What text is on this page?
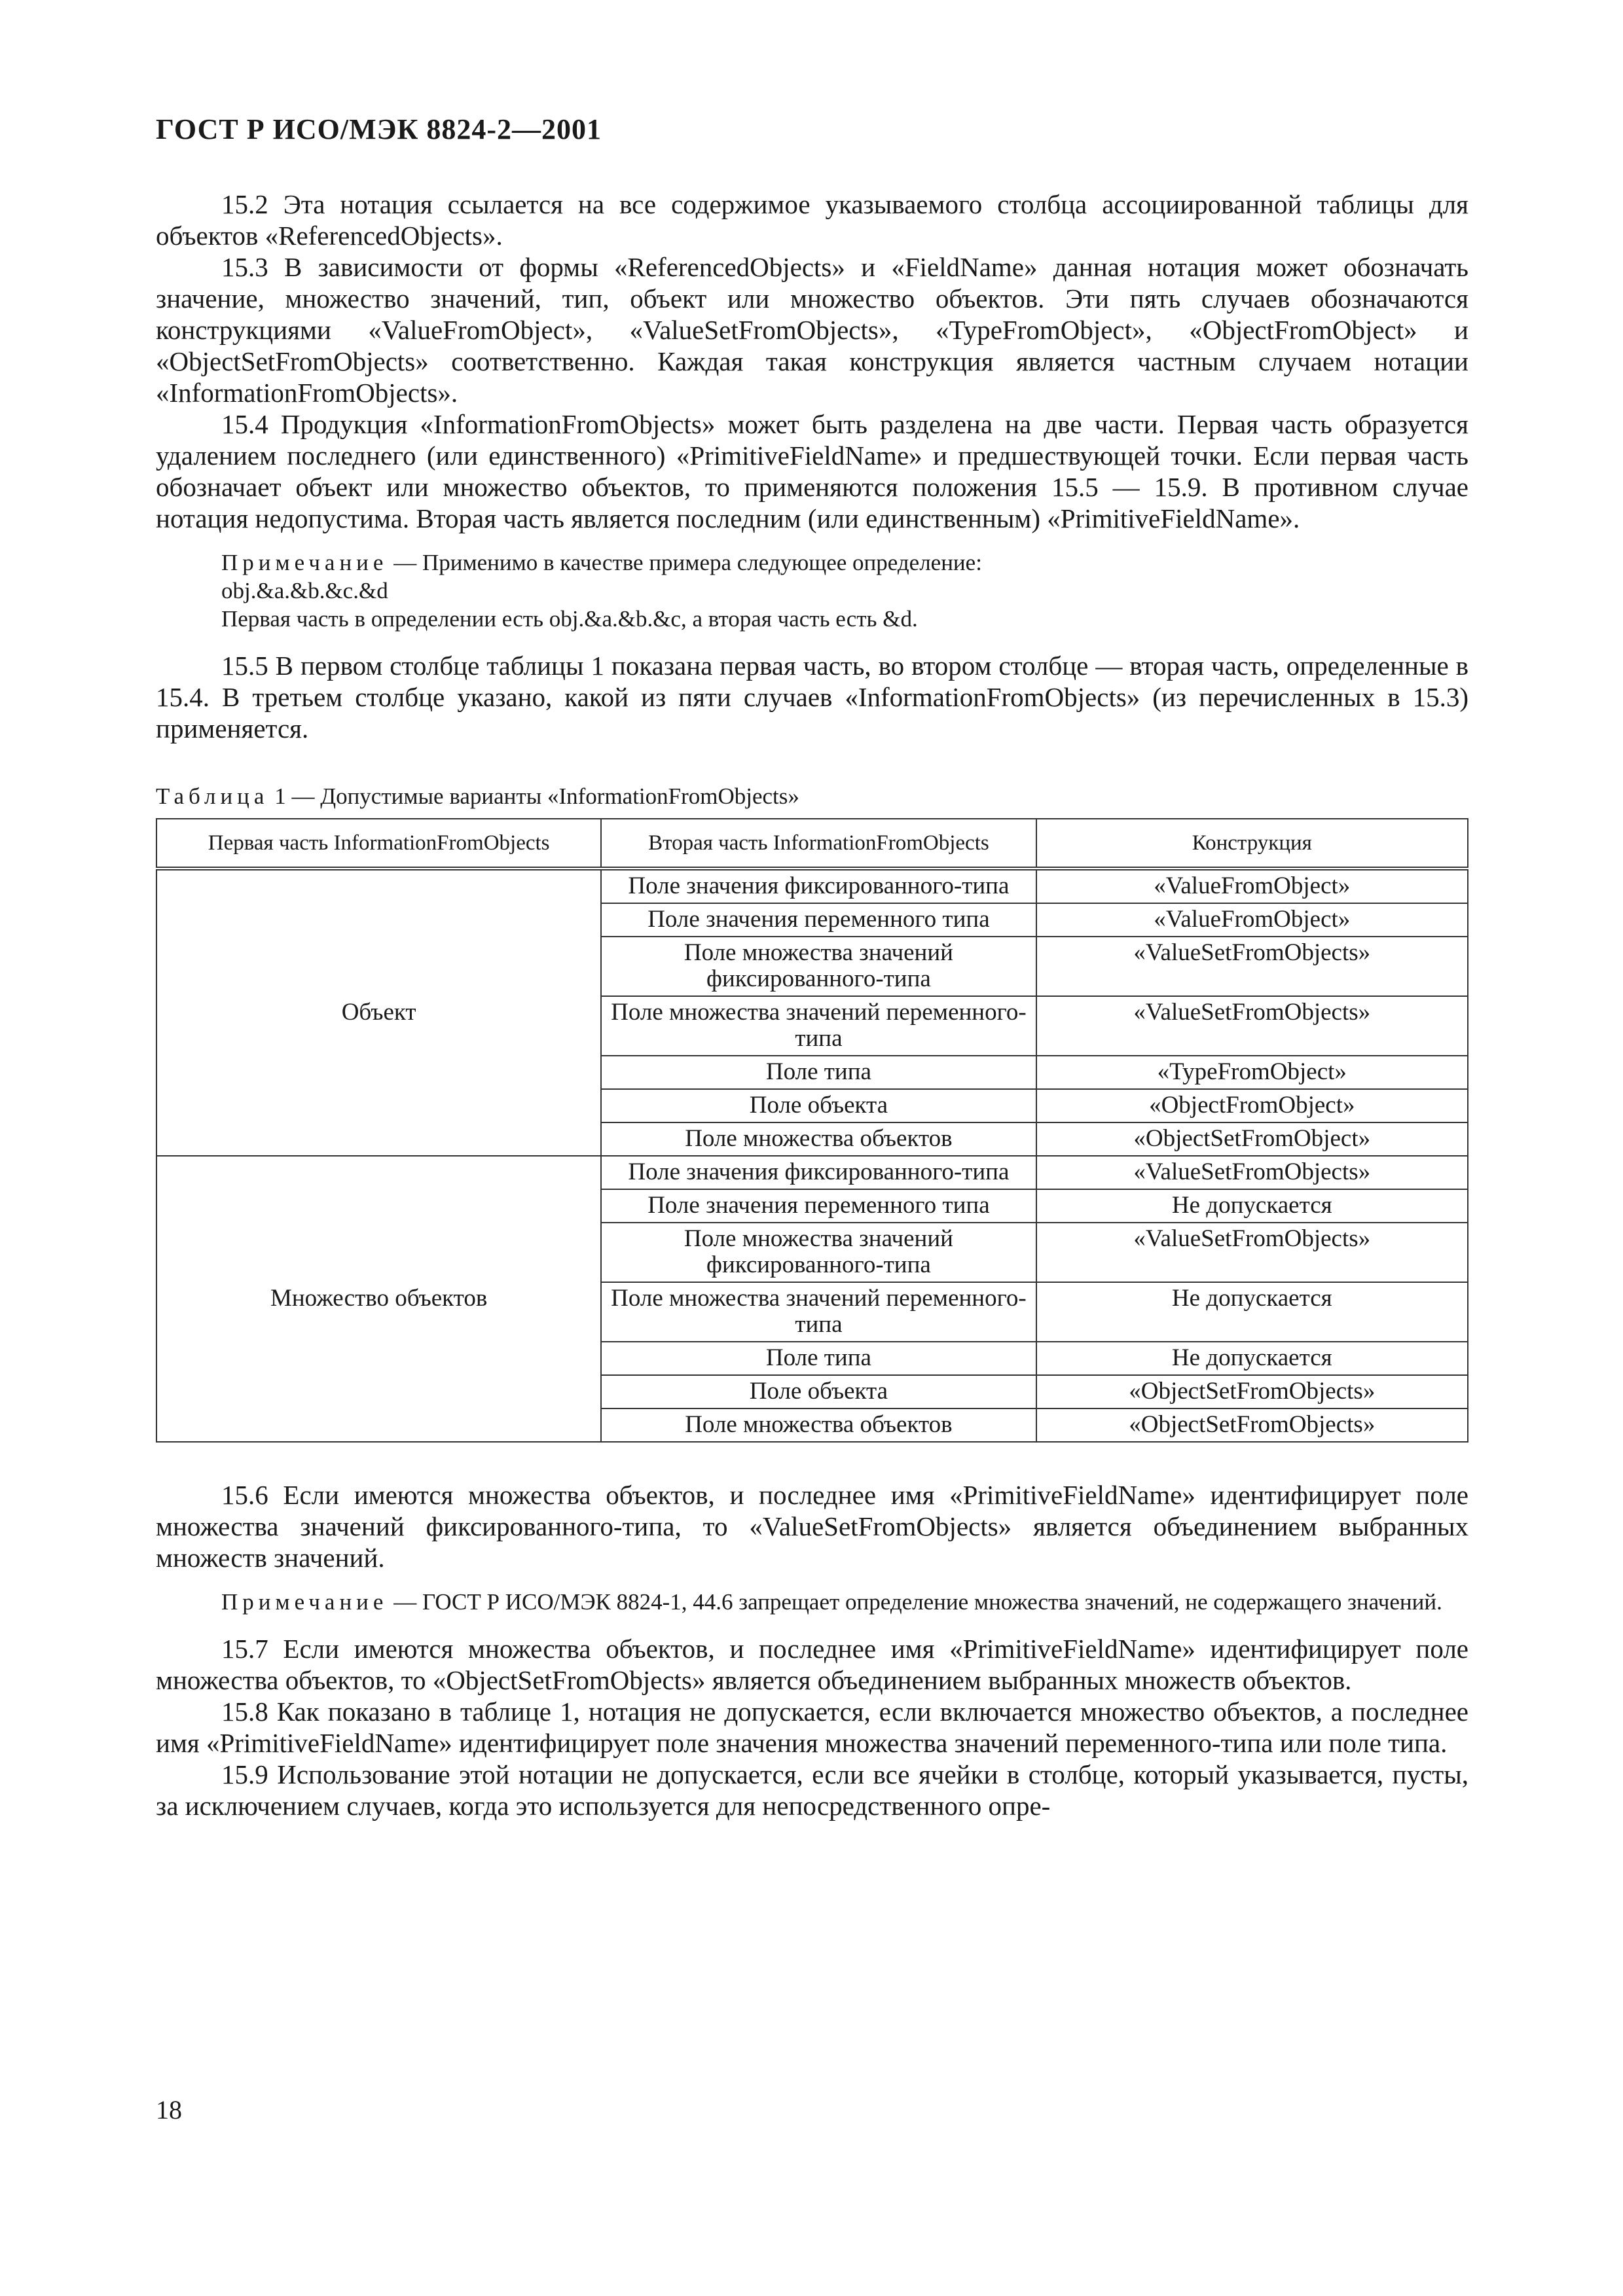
ГОСТ Р ИСО/МЭК 8824-2—2001

15.2 Эта нотация ссылается на все содержимое указываемого столбца ассоциированной таблицы для объектов «ReferencedObjects».

15.3 В зависимости от формы «ReferencedObjects» и «FieldName» данная нотация может обозначать значение, множество значений, тип, объект или множество объектов. Эти пять случаев обозначаются конструкциями «ValueFromObject», «ValueSetFromObjects», «TypeFromObject», «ObjectFromObject» и «ObjectSetFromObjects» соответственно. Каждая такая конструкция является частным случаем нотации «InformationFromObjects».

15.4 Продукция «InformationFromObjects» может быть разделена на две части. Первая часть образуется удалением последнего (или единственного) «PrimitiveFieldName» и предшествующей точки. Если первая часть обозначает объект или множество объектов, то применяются положения 15.5 — 15.9. В противном случае нотация недопустима. Вторая часть является последним (или единственным) «PrimitiveFieldName».

Примечание — Применимо в качестве примера следующее определение:
obj.&a.&b.&c.&d
Первая часть в определении есть obj.&a.&b.&c, а вторая часть есть &d.

15.5 В первом столбце таблицы 1 показана первая часть, во втором столбце — вторая часть, определенные в 15.4. В третьем столбце указано, какой из пяти случаев «InformationFromObjects» (из перечисленных в 15.3) применяется.

Таблица 1 — Допустимые варианты «InformationFromObjects»
Первая часть InformationFromObjects	Вторая часть InformationFromObjects	Конструкция
Объект	Поле значения фиксированного-типа	«ValueFromObject»
	Поле значения переменного типа	«ValueFromObject»
	Поле множества значений фиксированного-типа	«ValueSetFromObjects»
	Поле множества значений переменного-типа	«ValueSetFromObjects»
	Поле типа	«TypeFromObject»
	Поле объекта	«ObjectFromObject»
	Поле множества объектов	«ObjectSetFromObject»
Множество объектов	Поле значения фиксированного-типа	«ValueSetFromObjects»
	Поле значения переменного типа	Не допускается
	Поле множества значений фиксированного-типа	«ValueSetFromObjects»
	Поле множества значений переменного-типа	Не допускается
	Поле типа	Не допускается
	Поле объекта	«ObjectSetFromObjects»
	Поле множества объектов	«ObjectSetFromObjects»

15.6 Если имеются множества объектов, и последнее имя «PrimitiveFieldName» идентифицирует поле множества значений фиксированного-типа, то «ValueSetFromObjects» является объединением выбранных множеств значений.

Примечание — ГОСТ Р ИСО/МЭК 8824-1, 44.6 запрещает определение множества значений, не содержащего значений.

15.7 Если имеются множества объектов, и последнее имя «PrimitiveFieldName» идентифицирует поле множества объектов, то «ObjectSetFromObjects» является объединением выбранных множеств объектов.

15.8 Как показано в таблице 1, нотация не допускается, если включается множество объектов, а последнее имя «PrimitiveFieldName» идентифицирует поле значения множества значений переменного-типа или поле типа.

15.9 Использование этой нотации не допускается, если все ячейки в столбце, который указывается, пусты, за исключением случаев, когда это используется для непосредственного опре-

18
